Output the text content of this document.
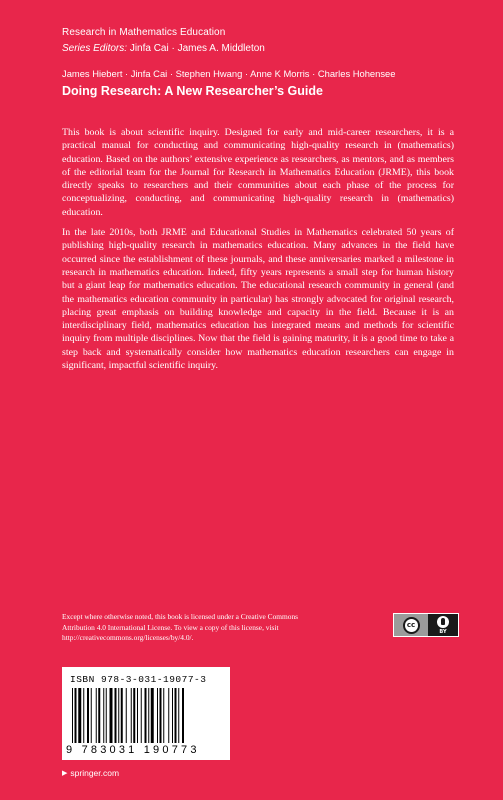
Research in Mathematics Education
Series Editors: Jinfa Cai · James A. Middleton
James Hiebert · Jinfa Cai · Stephen Hwang · Anne K Morris · Charles Hohensee
Doing Research: A New Researcher’s Guide

This book is about scientific inquiry. Designed for early and mid-career researchers, it is a practical manual for conducting and communicating high-quality research in (mathematics) education. Based on the authors’ extensive experience as researchers, as mentors, and as members of the editorial team for the Journal for Research in Mathematics Education (JRME), this book directly speaks to researchers and their communities about each phase of the process for conceptualizing, conducting, and communicating high-quality research in (mathematics) education.

In the late 2010s, both JRME and Educational Studies in Mathematics celebrated 50 years of publishing high-quality research in mathematics education. Many advances in the field have occurred since the establishment of these journals, and these anniversaries marked a milestone in research in mathematics education. Indeed, fifty years represents a small step for human history but a giant leap for mathematics education. The educational research community in general (and the mathematics education community in particular) has strongly advocated for original research, placing great emphasis on building knowledge and capacity in the field. Because it is an interdisciplinary field, mathematics education has integrated means and methods for scientific inquiry from multiple disciplines. Now that the field is gaining maturity, it is a good time to take a step back and systematically consider how mathematics education researchers can engage in significant, impactful scientific inquiry.

Except where otherwise noted, this book is licensed under a Creative Commons Attribution 4.0 International License. To view a copy of this license, visit http://creativecommons.org/licenses/by/4.0/.
cc
BY
ISBN 978-3-031-19077-3
9 783031 190773
▶ springer.com
